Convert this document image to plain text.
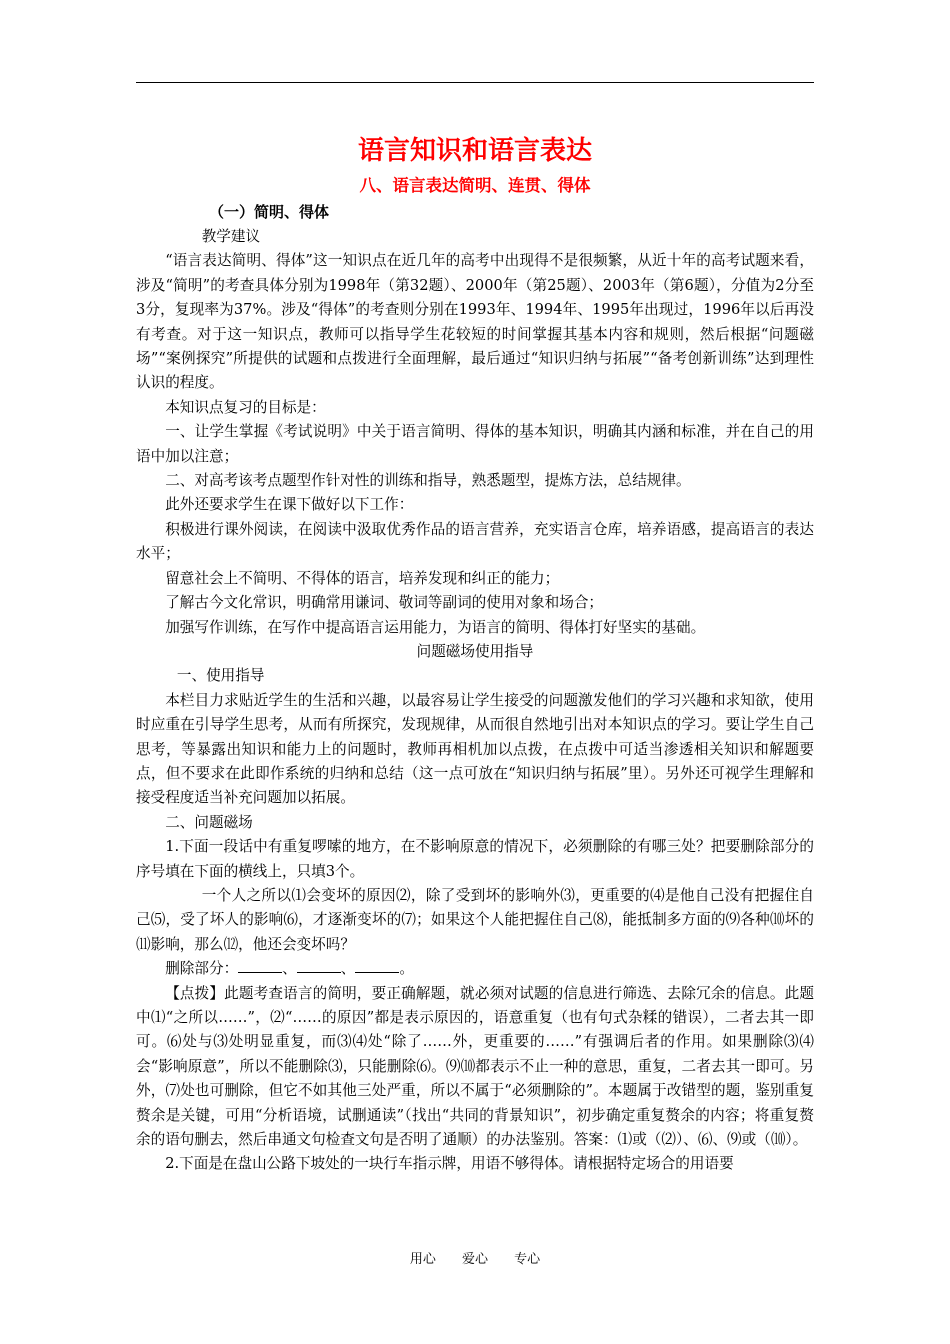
语言知识和语言表达
八、语言表达简明、连贯、得体
（一）简明、得体

教学建议

“语言表达简明、得体”这一知识点在近几年的高考中出现得不是很频繁，从近十年的高考试题来看，涉及“简明”的考查具体分别为1998年（第32题）、2000年（第25题）、2003年（第6题），分值为2分至3分，复现率为37%。涉及“得体”的考查则分别在1993年、1994年、1995年出现过，1996年以后再没有考查。对于这一知识点，教师可以指导学生花较短的时间掌握其基本内容和规则，然后根据“问题磁场”“案例探究”所提供的试题和点拨进行全面理解，最后通过“知识归纳与拓展”“备考创新训练”达到理性认识的程度。

本知识点复习的目标是：

一、让学生掌握《考试说明》中关于语言简明、得体的基本知识，明确其内涵和标准，并在自己的用语中加以注意；

二、对高考该考点题型作针对性的训练和指导，熟悉题型，提炼方法，总结规律。

此外还要求学生在课下做好以下工作：

积极进行课外阅读，在阅读中汲取优秀作品的语言营养，充实语言仓库，培养语感，提高语言的表达水平；

留意社会上不简明、不得体的语言，培养发现和纠正的能力；

了解古今文化常识，明确常用谦词、敬词等副词的使用对象和场合；

加强写作训练，在写作中提高语言运用能力，为语言的简明、得体打好坚实的基础。

问题磁场使用指导

一、使用指导

本栏目力求贴近学生的生活和兴趣，以最容易让学生接受的问题激发他们的学习兴趣和求知欲，使用时应重在引导学生思考，从而有所探究，发现规律，从而很自然地引出对本知识点的学习。要让学生自己思考，等暴露出知识和能力上的问题时，教师再相机加以点拨，在点拨中可适当渗透相关知识和解题要点，但不要求在此即作系统的归纳和总结（这一点可放在“知识归纳与拓展”里）。另外还可视学生理解和接受程度适当补充问题加以拓展。

二、问题磁场

1.下面一段话中有重复啰嗦的地方，在不影响原意的情况下，必须删除的有哪三处？把要删除部分的序号填在下面的横线上，只填3个。

一个人之所以⑴会变坏的原因⑵，除了受到坏的影响外⑶，更重要的⑷是他自己没有把握住自己⑸，受了坏人的影响⑹，才逐渐变坏的⑺；如果这个人能把握住自己⑻，能抵制多方面的⑼各种⑽坏的⑾影响，那么⑿，他还会变坏吗？

删除部分：	、	、	。

【点拨】此题考查语言的简明，要正确解题，就必须对试题的信息进行筛选、去除冗余的信息。此题中⑴“之所以……”，⑵“……的原因”都是表示原因的，语意重复（也有句式杂糅的错误），二者去其一即可。⑹处与⑶处明显重复，而⑶⑷处“除了……外，更重要的……”有强调后者的作用。如果删除⑶⑷会“影响原意”，所以不能删除⑶，只能删除⑹。⑼⑽都表示不止一种的意思，重复，二者去其一即可。另外，⑺处也可删除，但它不如其他三处严重，所以不属于“必须删除的”。本题属于改错型的题，鉴别重复赘余是关键，可用“分析语境，试删通读”（找出“共同的背景知识”，初步确定重复赘余的内容；将重复赘余的语句删去，然后串通文句检查文句是否明了通顺）的办法鉴别。答案：⑴或（⑵）、⑹、⑼或（⑽）。

2.下面是在盘山公路下坡处的一块行车指示牌，用语不够得体。请根据特定场合的用语要

用心 爱心 专心
